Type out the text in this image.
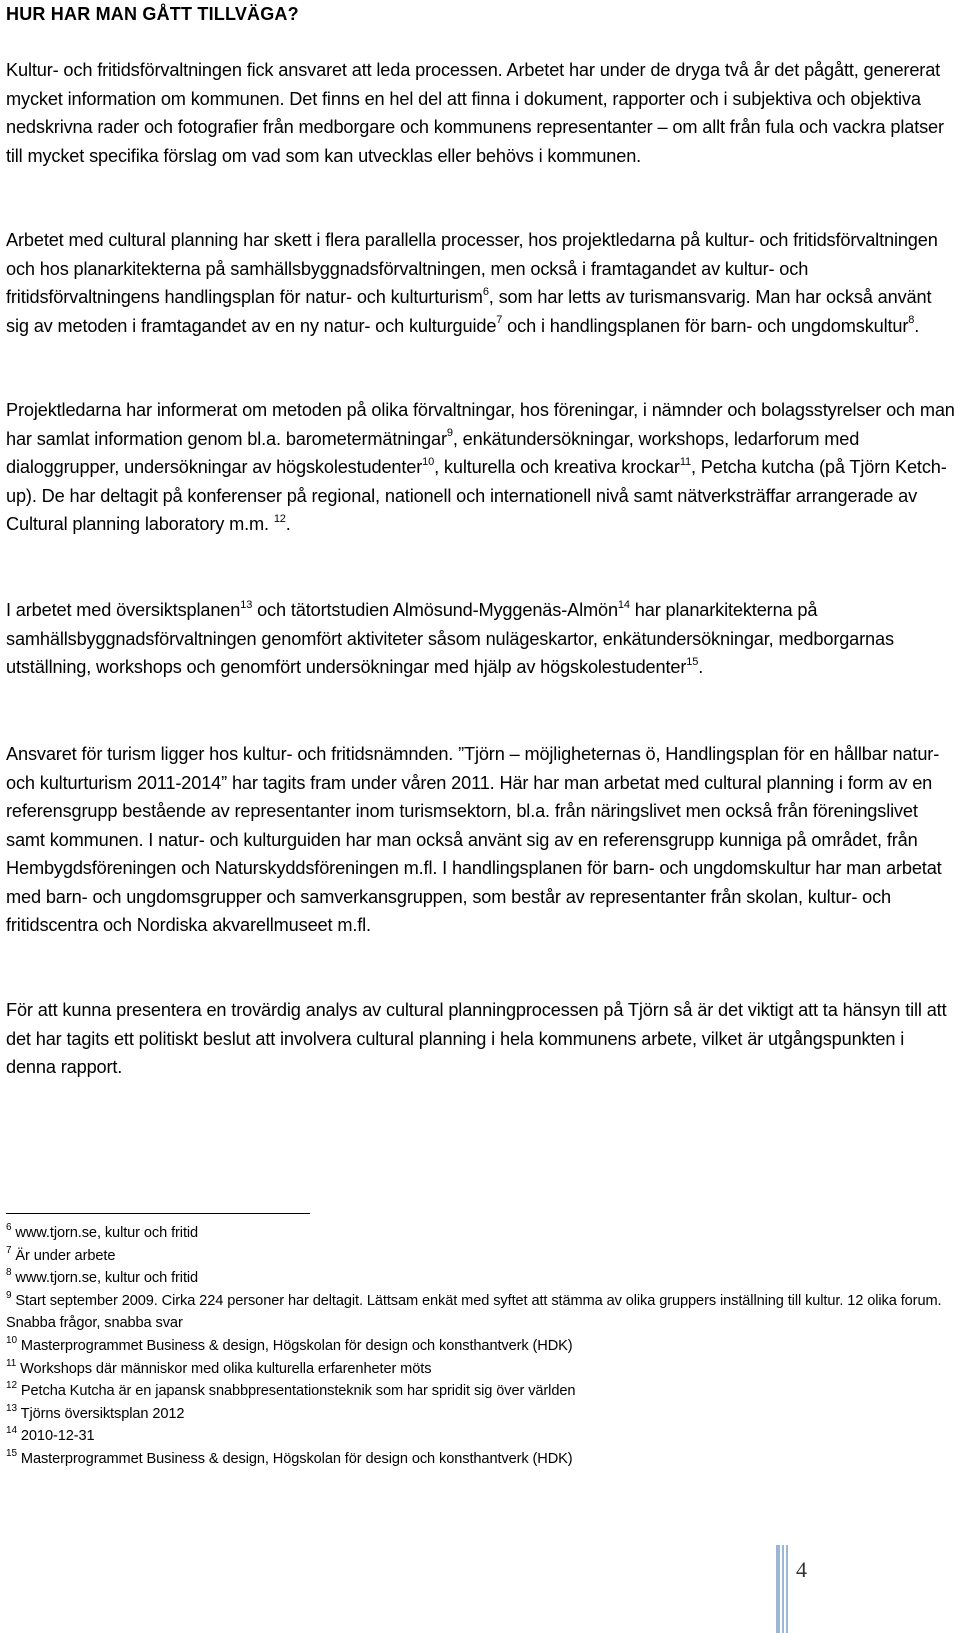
HUR HAR MAN GÅTT TILLVÄGA?

Kultur- och fritidsförvaltningen fick ansvaret att leda processen. Arbetet har under de dryga två år det pågått, genererat mycket information om kommunen. Det finns en hel del att finna i dokument, rapporter och i subjektiva och objektiva nedskrivna rader och fotografier från medborgare och kommunens representanter – om allt från fula och vackra platser till mycket specifika förslag om vad som kan utvecklas eller behövs i kommunen.

Arbetet med cultural planning har skett i flera parallella processer, hos projektledarna på kultur- och fritidsförvaltningen och hos planarkitekterna på samhällsbyggnadsförvaltningen, men också i framtagandet av kultur- och fritidsförvaltningens handlingsplan för natur- och kulturturism$^6$, som har letts av turismansvarig. Man har också använt sig av metoden i framtagandet av en ny natur- och kulturguide$^7$ och i handlingsplanen för barn- och ungdomskultur$^8$.

Projektledarna har informerat om metoden på olika förvaltningar, hos föreningar, i nämnder och bolagsstyrelser och man har samlat information genom bl.a. barometermätningar$^9$, enkätundersökningar, workshops, ledarforum med dialoggrupper, undersökningar av högskolestudenter$^{10}$, kulturella och kreativa krockar$^{11}$, Petcha kutcha (på Tjörn Ketch-up). De har deltagit på konferenser på regional, nationell och internationell nivå samt nätverksträffar arrangerade av Cultural planning laboratory m.m. $^{12}$.

I arbetet med översiktsplanen$^{13}$ och tätortstudien Almösund-Myggenäs-Almön$^{14}$ har planarkitekterna på samhällsbyggnadsförvaltningen genomfört aktiviteter såsom nulägeskartor, enkätundersökningar, medborgarnas utställning, workshops och genomfört undersökningar med hjälp av högskolestudenter$^{15}$.

Ansvaret för turism ligger hos kultur- och fritidsnämnden. ”Tjörn – möjligheternas ö, Handlingsplan för en hållbar natur- och kulturturism 2011-2014” har tagits fram under våren 2011. Här har man arbetat med cultural planning i form av en referensgrupp bestående av representanter inom turismsektorn, bl.a. från näringslivet men också från föreningslivet samt kommunen. I natur- och kulturguiden har man också använt sig av en referensgrupp kunniga på området, från Hembygdsföreningen och Naturskyddsföreningen m.fl. I handlingsplanen för barn- och ungdomskultur har man arbetat med barn- och ungdomsgrupper och samverkansgruppen, som består av representanter från skolan, kultur- och fritidscentra och Nordiska akvarellmuseet m.fl.

För att kunna presentera en trovärdig analys av cultural planningprocessen på Tjörn så är det viktigt att ta hänsyn till att det har tagits ett politiskt beslut att involvera cultural planning i hela kommunens arbete, vilket är utgångspunkten i denna rapport.

$^6$ www.tjorn.se, kultur och fritid
$^7$ Är under arbete
$^8$ www.tjorn.se, kultur och fritid
$^9$ Start september 2009. Cirka 224 personer har deltagit. Lättsam enkät med syftet att stämma av olika gruppers inställning till kultur. 12 olika forum. Snabba frågor, snabba svar
$^{10}$ Masterprogrammet Business & design, Högskolan för design och konsthantverk (HDK)
$^{11}$ Workshops där människor med olika kulturella erfarenheter möts
$^{12}$ Petcha Kutcha är en japansk snabbpresentationsteknik som har spridit sig över världen
$^{13}$ Tjörns översiktsplan 2012
$^{14}$ 2010-12-31
$^{15}$ Masterprogrammet Business & design, Högskolan för design och konsthantverk (HDK)
4
